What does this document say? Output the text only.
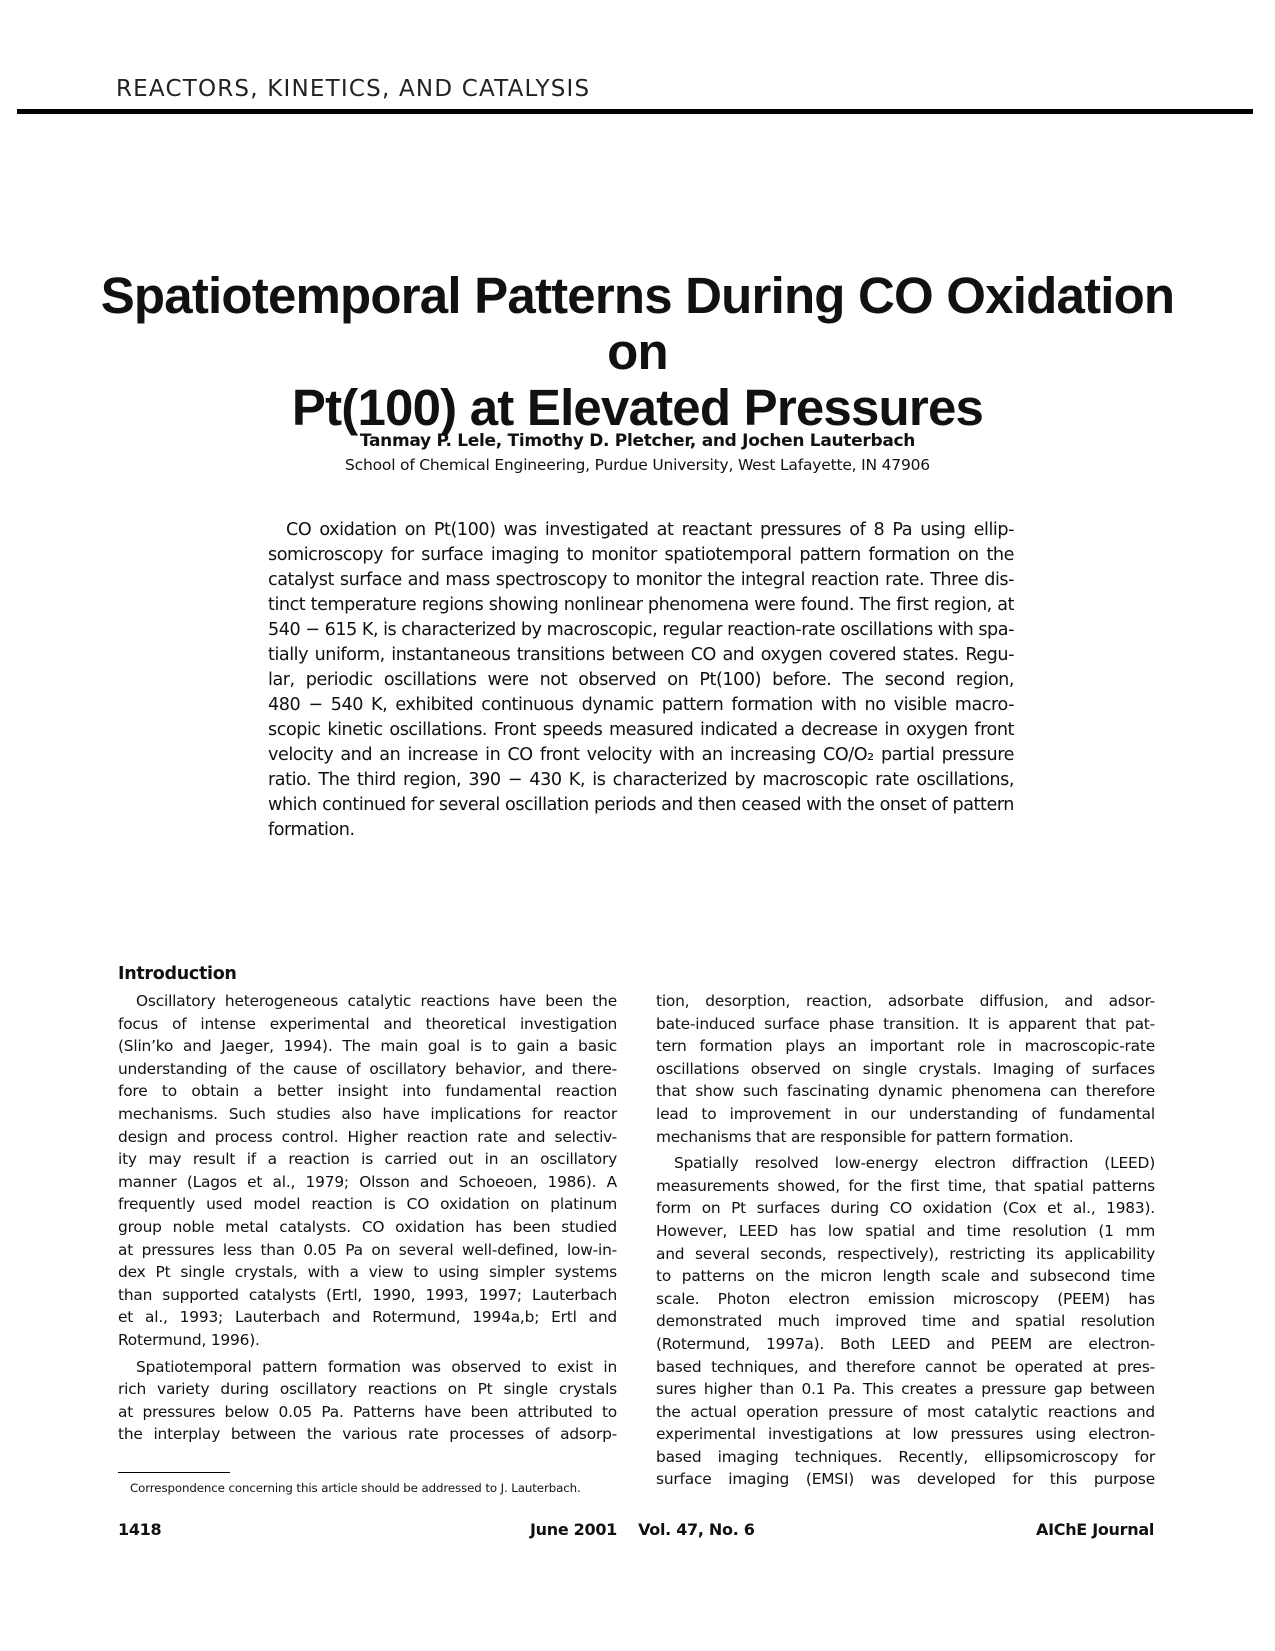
REACTORS, KINETICS, AND CATALYSIS
Spatiotemporal Patterns During CO Oxidation on
Pt(100) at Elevated Pressures
Tanmay P. Lele, Timothy D. Pletcher, and Jochen Lauterbach
School of Chemical Engineering, Purdue University, West Lafayette, IN 47906
CO oxidation on Pt(100) was investigated at reactant pressures of 8 Pa using ellip-
somicroscopy for surface imaging to monitor spatiotemporal pattern formation on the
catalyst surface and mass spectroscopy to monitor the integral reaction rate. Three dis-
tinct temperature regions showing nonlinear phenomena were found. The first region, at
540 − 615 K, is characterized by macroscopic, regular reaction-rate oscillations with spa-
tially uniform, instantaneous transitions between CO and oxygen covered states. Regu-
lar, periodic oscillations were not observed on Pt(100) before. The second region,
480 − 540 K, exhibited continuous dynamic pattern formation with no visible macro-
scopic kinetic oscillations. Front speeds measured indicated a decrease in oxygen front
velocity and an increase in CO front velocity with an increasing CO/O₂ partial pressure
ratio. The third region, 390 − 430 K, is characterized by macroscopic rate oscillations,
which continued for several oscillation periods and then ceased with the onset of pattern
formation.
Introduction
Oscillatory heterogeneous catalytic reactions have been the
focus of intense experimental and theoretical investigation
(Slin’ko and Jaeger, 1994). The main goal is to gain a basic
understanding of the cause of oscillatory behavior, and there-
fore to obtain a better insight into fundamental reaction
mechanisms. Such studies also have implications for reactor
design and process control. Higher reaction rate and selectiv-
ity may result if a reaction is carried out in an oscillatory
manner (Lagos et al., 1979; Olsson and Schoeoen, 1986). A
frequently used model reaction is CO oxidation on platinum
group noble metal catalysts. CO oxidation has been studied
at pressures less than 0.05 Pa on several well-defined, low-in-
dex Pt single crystals, with a view to using simpler systems
than supported catalysts (Ertl, 1990, 1993, 1997; Lauterbach
et al., 1993; Lauterbach and Rotermund, 1994a,b; Ertl and
Rotermund, 1996).
Spatiotemporal pattern formation was observed to exist in
rich variety during oscillatory reactions on Pt single crystals
at pressures below 0.05 Pa. Patterns have been attributed to
the interplay between the various rate processes of adsorp-
tion, desorption, reaction, adsorbate diffusion, and adsor-
bate-induced surface phase transition. It is apparent that pat-
tern formation plays an important role in macroscopic-rate
oscillations observed on single crystals. Imaging of surfaces
that show such fascinating dynamic phenomena can therefore
lead to improvement in our understanding of fundamental
mechanisms that are responsible for pattern formation.
Spatially resolved low-energy electron diffraction (LEED)
measurements showed, for the first time, that spatial patterns
form on Pt surfaces during CO oxidation (Cox et al., 1983).
However, LEED has low spatial and time resolution (1 mm
and several seconds, respectively), restricting its applicability
to patterns on the micron length scale and subsecond time
scale. Photon electron emission microscopy (PEEM) has
demonstrated much improved time and spatial resolution
(Rotermund, 1997a). Both LEED and PEEM are electron-
based techniques, and therefore cannot be operated at pres-
sures higher than 0.1 Pa. This creates a pressure gap between
the actual operation pressure of most catalytic reactions and
experimental investigations at low pressures using electron-
based imaging techniques. Recently, ellipsomicroscopy for
surface imaging (EMSI) was developed for this purpose
Correspondence concerning this article should be addressed to J. Lauterbach.
1418	June 2001    Vol. 47, No. 6	AIChE Journal
